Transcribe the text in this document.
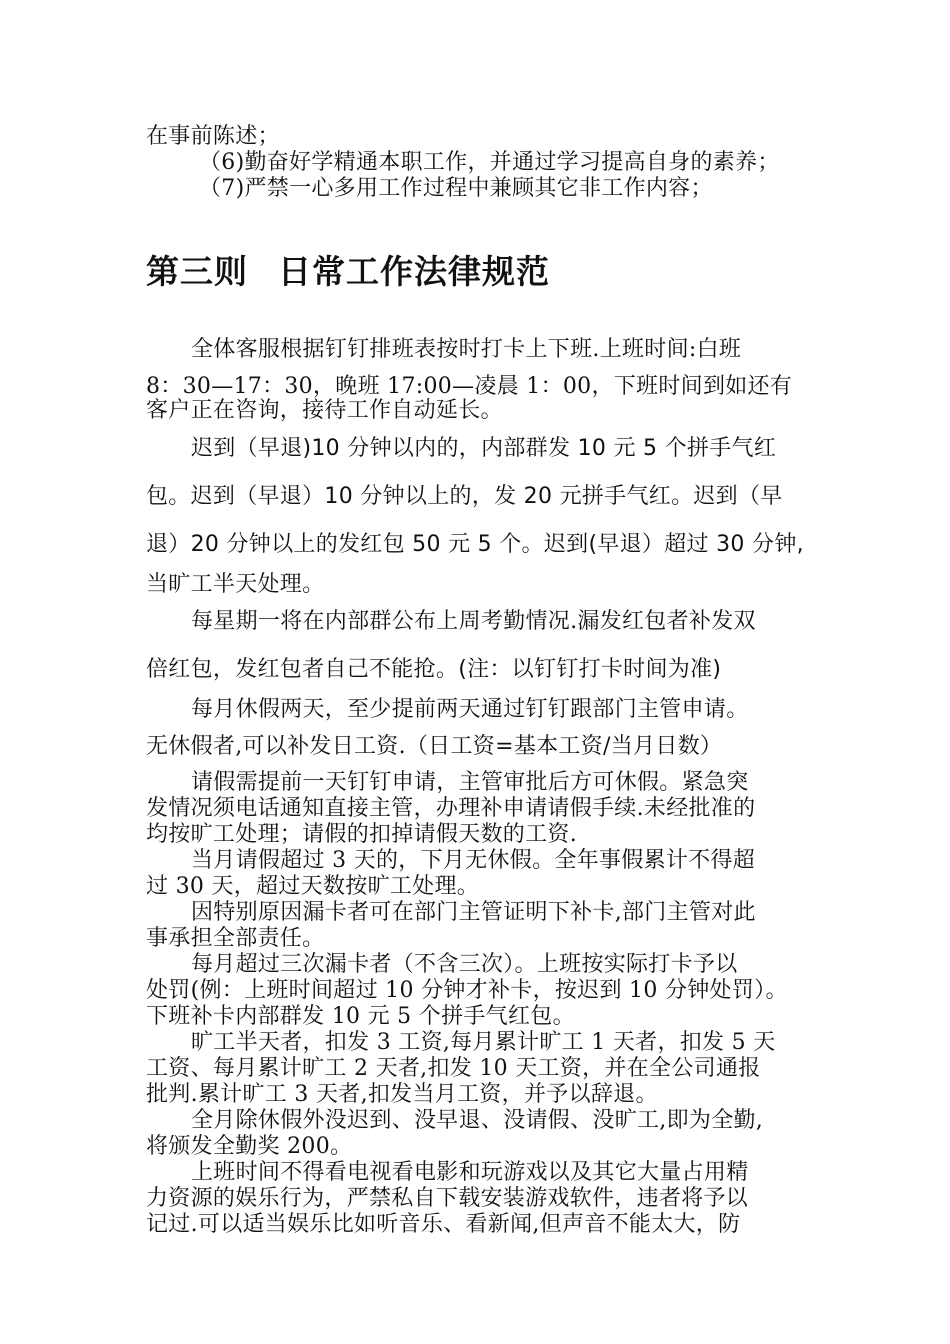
在事前陈述；
（6)勤奋好学精通本职工作，并通过学习提高自身的素养；
（7)严禁一心多用工作过程中兼顾其它非工作内容；
第三则 日常工作法律规范
全体客服根据钉钉排班表按时打卡上下班.上班时间:白班
8：30—17：30，晚班 17:00—凌晨 1：00，下班时间到如还有
客户正在咨询，接待工作自动延长。
迟到（早退)10 分钟以内的，内部群发 10 元 5 个拼手气红
包。迟到（早退）10 分钟以上的，发 20 元拼手气红。迟到（早
退）20 分钟以上的发红包 50 元 5 个。迟到(早退）超过 30 分钟,
当旷工半天处理。
每星期一将在内部群公布上周考勤情况.漏发红包者补发双
倍红包，发红包者自己不能抢。(注：以钉钉打卡时间为准)
每月休假两天，至少提前两天通过钉钉跟部门主管申请。
无休假者,可以补发日工资.（日工资=基本工资/当月日数）
请假需提前一天钉钉申请，主管审批后方可休假。紧急突
发情况须电话通知直接主管，办理补申请请假手续.未经批准的
均按旷工处理；请假的扣掉请假天数的工资.
当月请假超过 3 天的，下月无休假。全年事假累计不得超
过 30 天，超过天数按旷工处理。
因特别原因漏卡者可在部门主管证明下补卡,部门主管对此
事承担全部责任。
每月超过三次漏卡者（不含三次）。上班按实际打卡予以
处罚(例：上班时间超过 10 分钟才补卡，按迟到 10 分钟处罚）。
下班补卡内部群发 10 元 5 个拼手气红包。
旷工半天者，扣发 3 工资,每月累计旷工 1 天者，扣发 5 天
工资、每月累计旷工 2 天者,扣发 10 天工资，并在全公司通报
批判.累计旷工 3 天者,扣发当月工资，并予以辞退。
全月除休假外没迟到、没早退、没请假、没旷工,即为全勤,
将颁发全勤奖 200。
上班时间不得看电视看电影和玩游戏以及其它大量占用精
力资源的娱乐行为，严禁私自下载安装游戏软件，违者将予以
记过.可以适当娱乐比如听音乐、看新闻,但声音不能太大，防
